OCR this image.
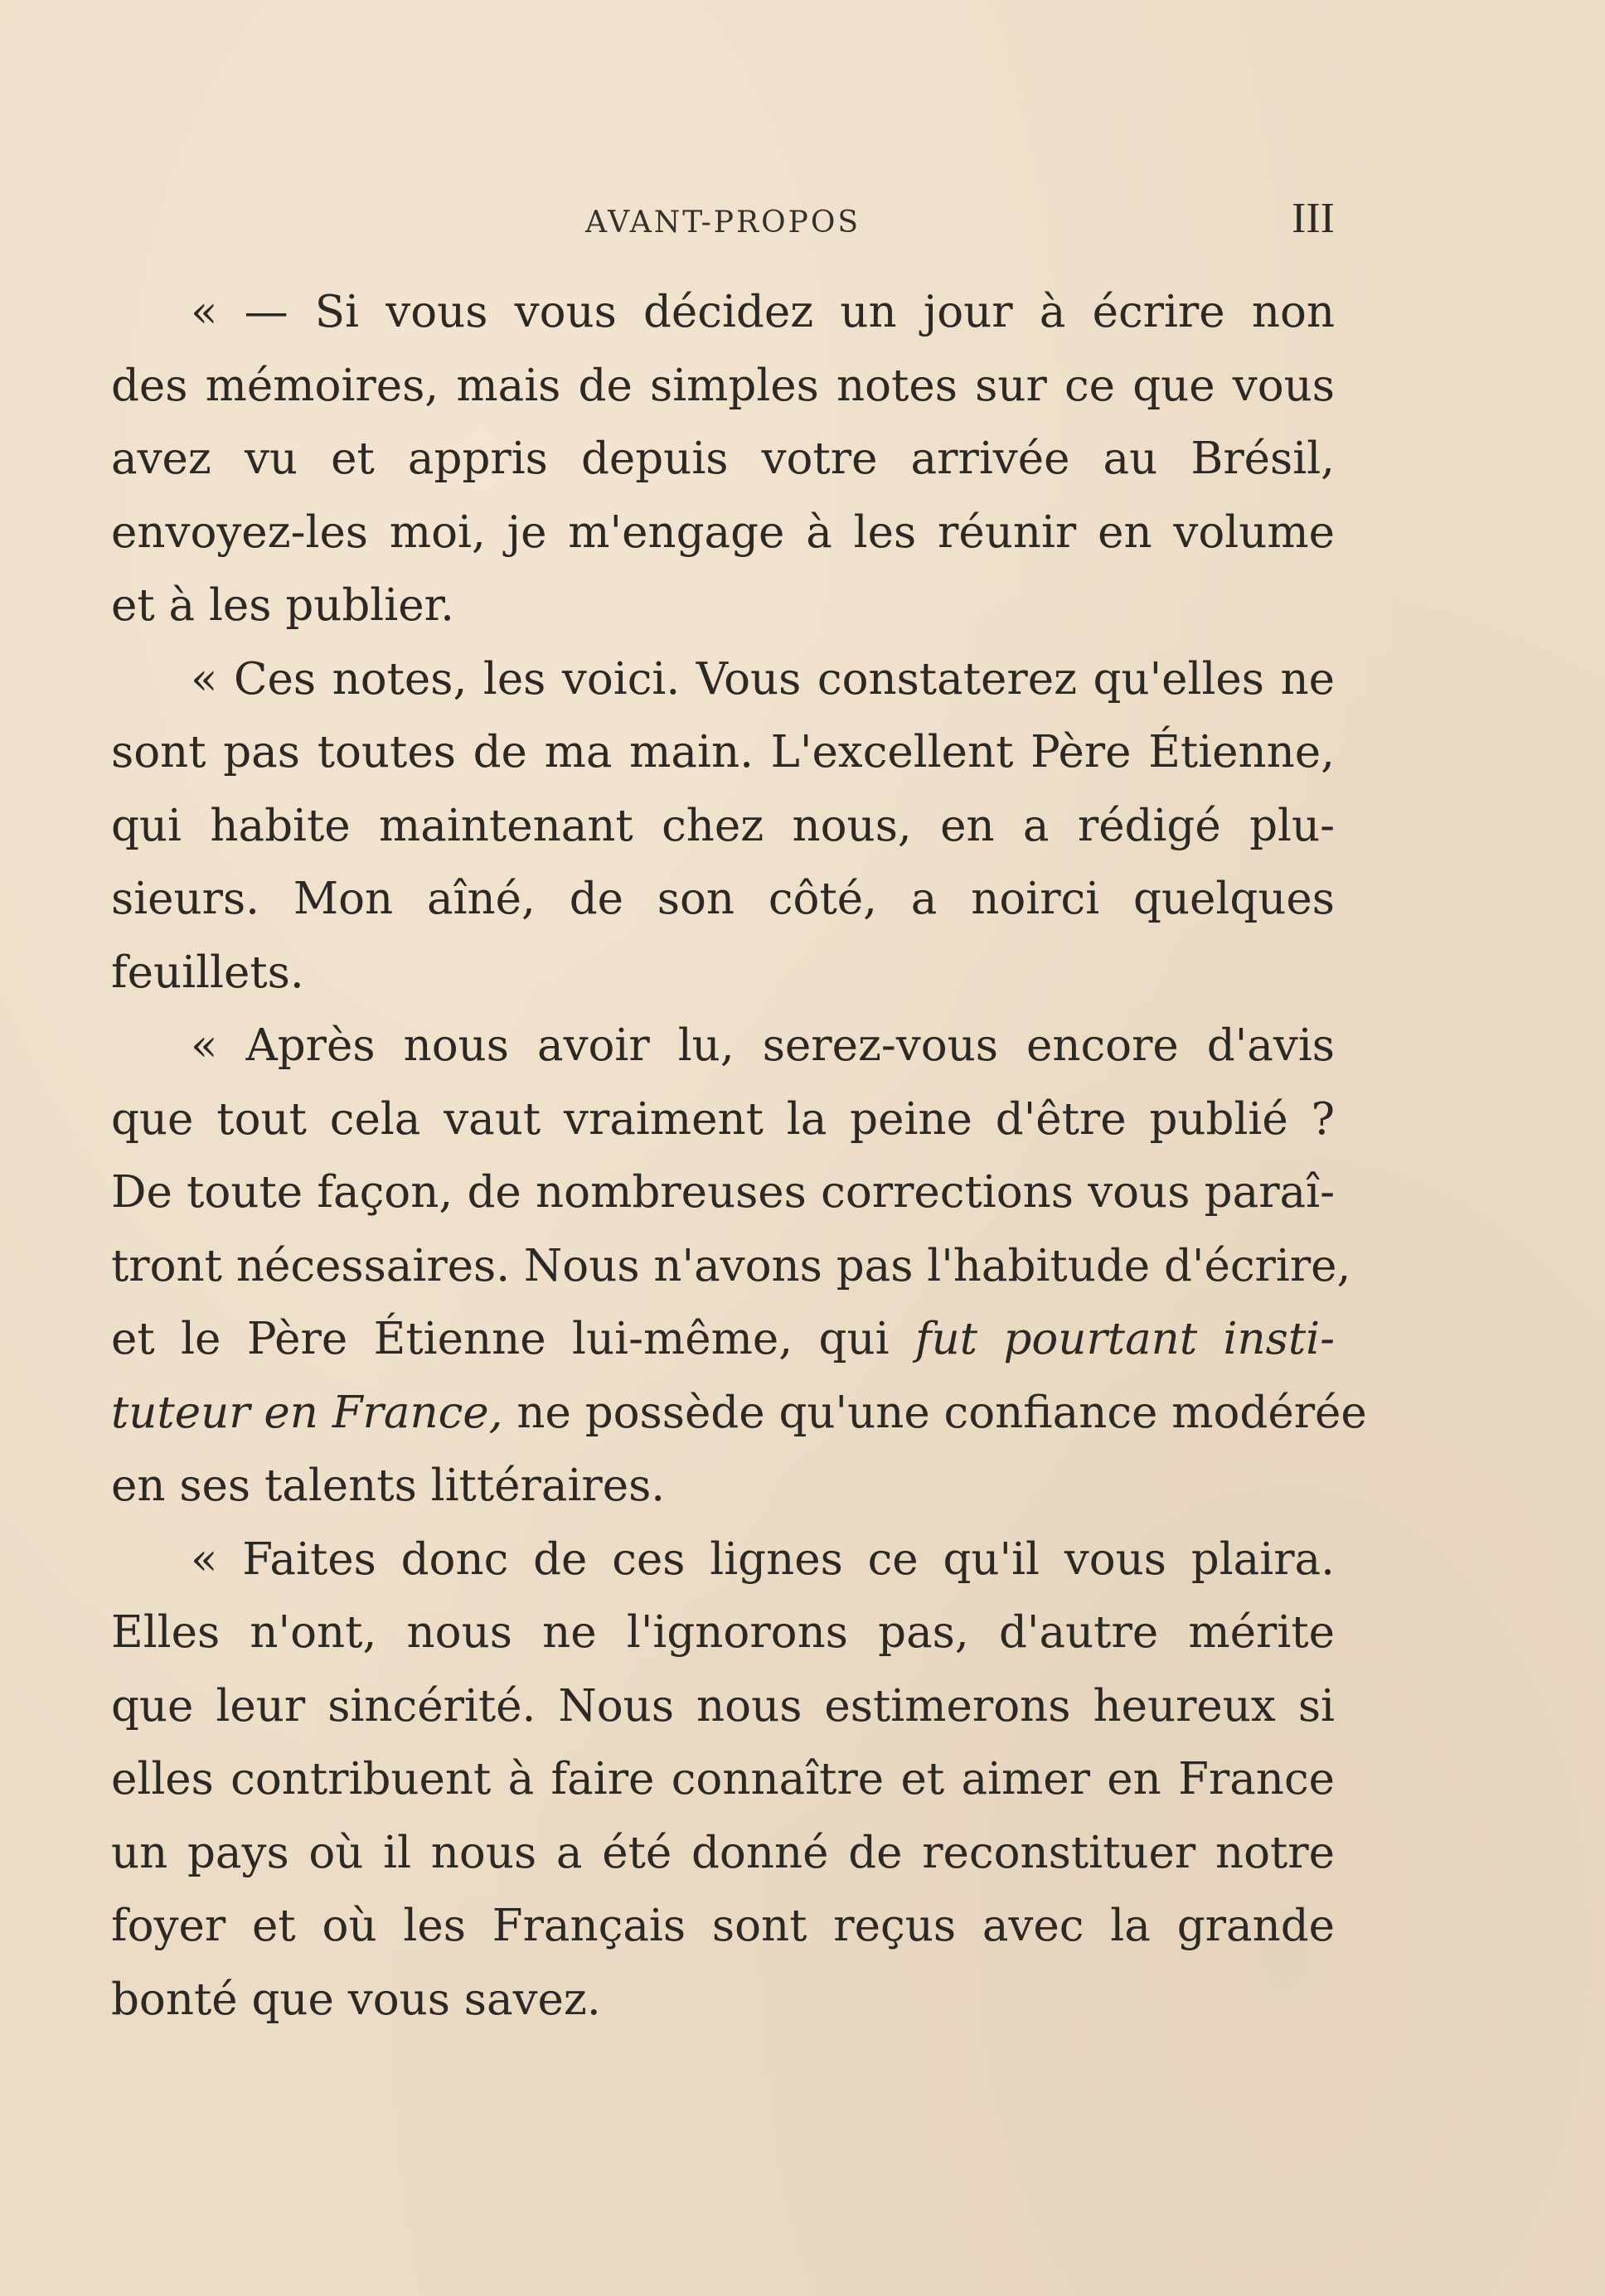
AVANT-PROPOS	III
« — Si vous vous décidez un jour à écrire non
des mémoires, mais de simples notes sur ce que vous
avez vu et appris depuis votre arrivée au Brésil,
envoyez-les moi, je m'engage à les réunir en volume
et à les publier.
« Ces notes, les voici. Vous constaterez qu'elles ne
sont pas toutes de ma main. L'excellent Père Étienne,
qui habite maintenant chez nous, en a rédigé plu-
sieurs. Mon aîné, de son côté, a noirci quelques
feuillets.
« Après nous avoir lu, serez-vous encore d'avis
que tout cela vaut vraiment la peine d'être publié ?
De toute façon, de nombreuses corrections vous paraî-
tront nécessaires. Nous n'avons pas l'habitude d'écrire,
et le Père Étienne lui-même, qui fut pourtant insti-
tuteur en France, ne possède qu'une confiance modérée
en ses talents littéraires.
« Faites donc de ces lignes ce qu'il vous plaira.
Elles n'ont, nous ne l'ignorons pas, d'autre mérite
que leur sincérité. Nous nous estimerons heureux si
elles contribuent à faire connaître et aimer en France
un pays où il nous a été donné de reconstituer notre
foyer et où les Français sont reçus avec la grande
bonté que vous savez.
